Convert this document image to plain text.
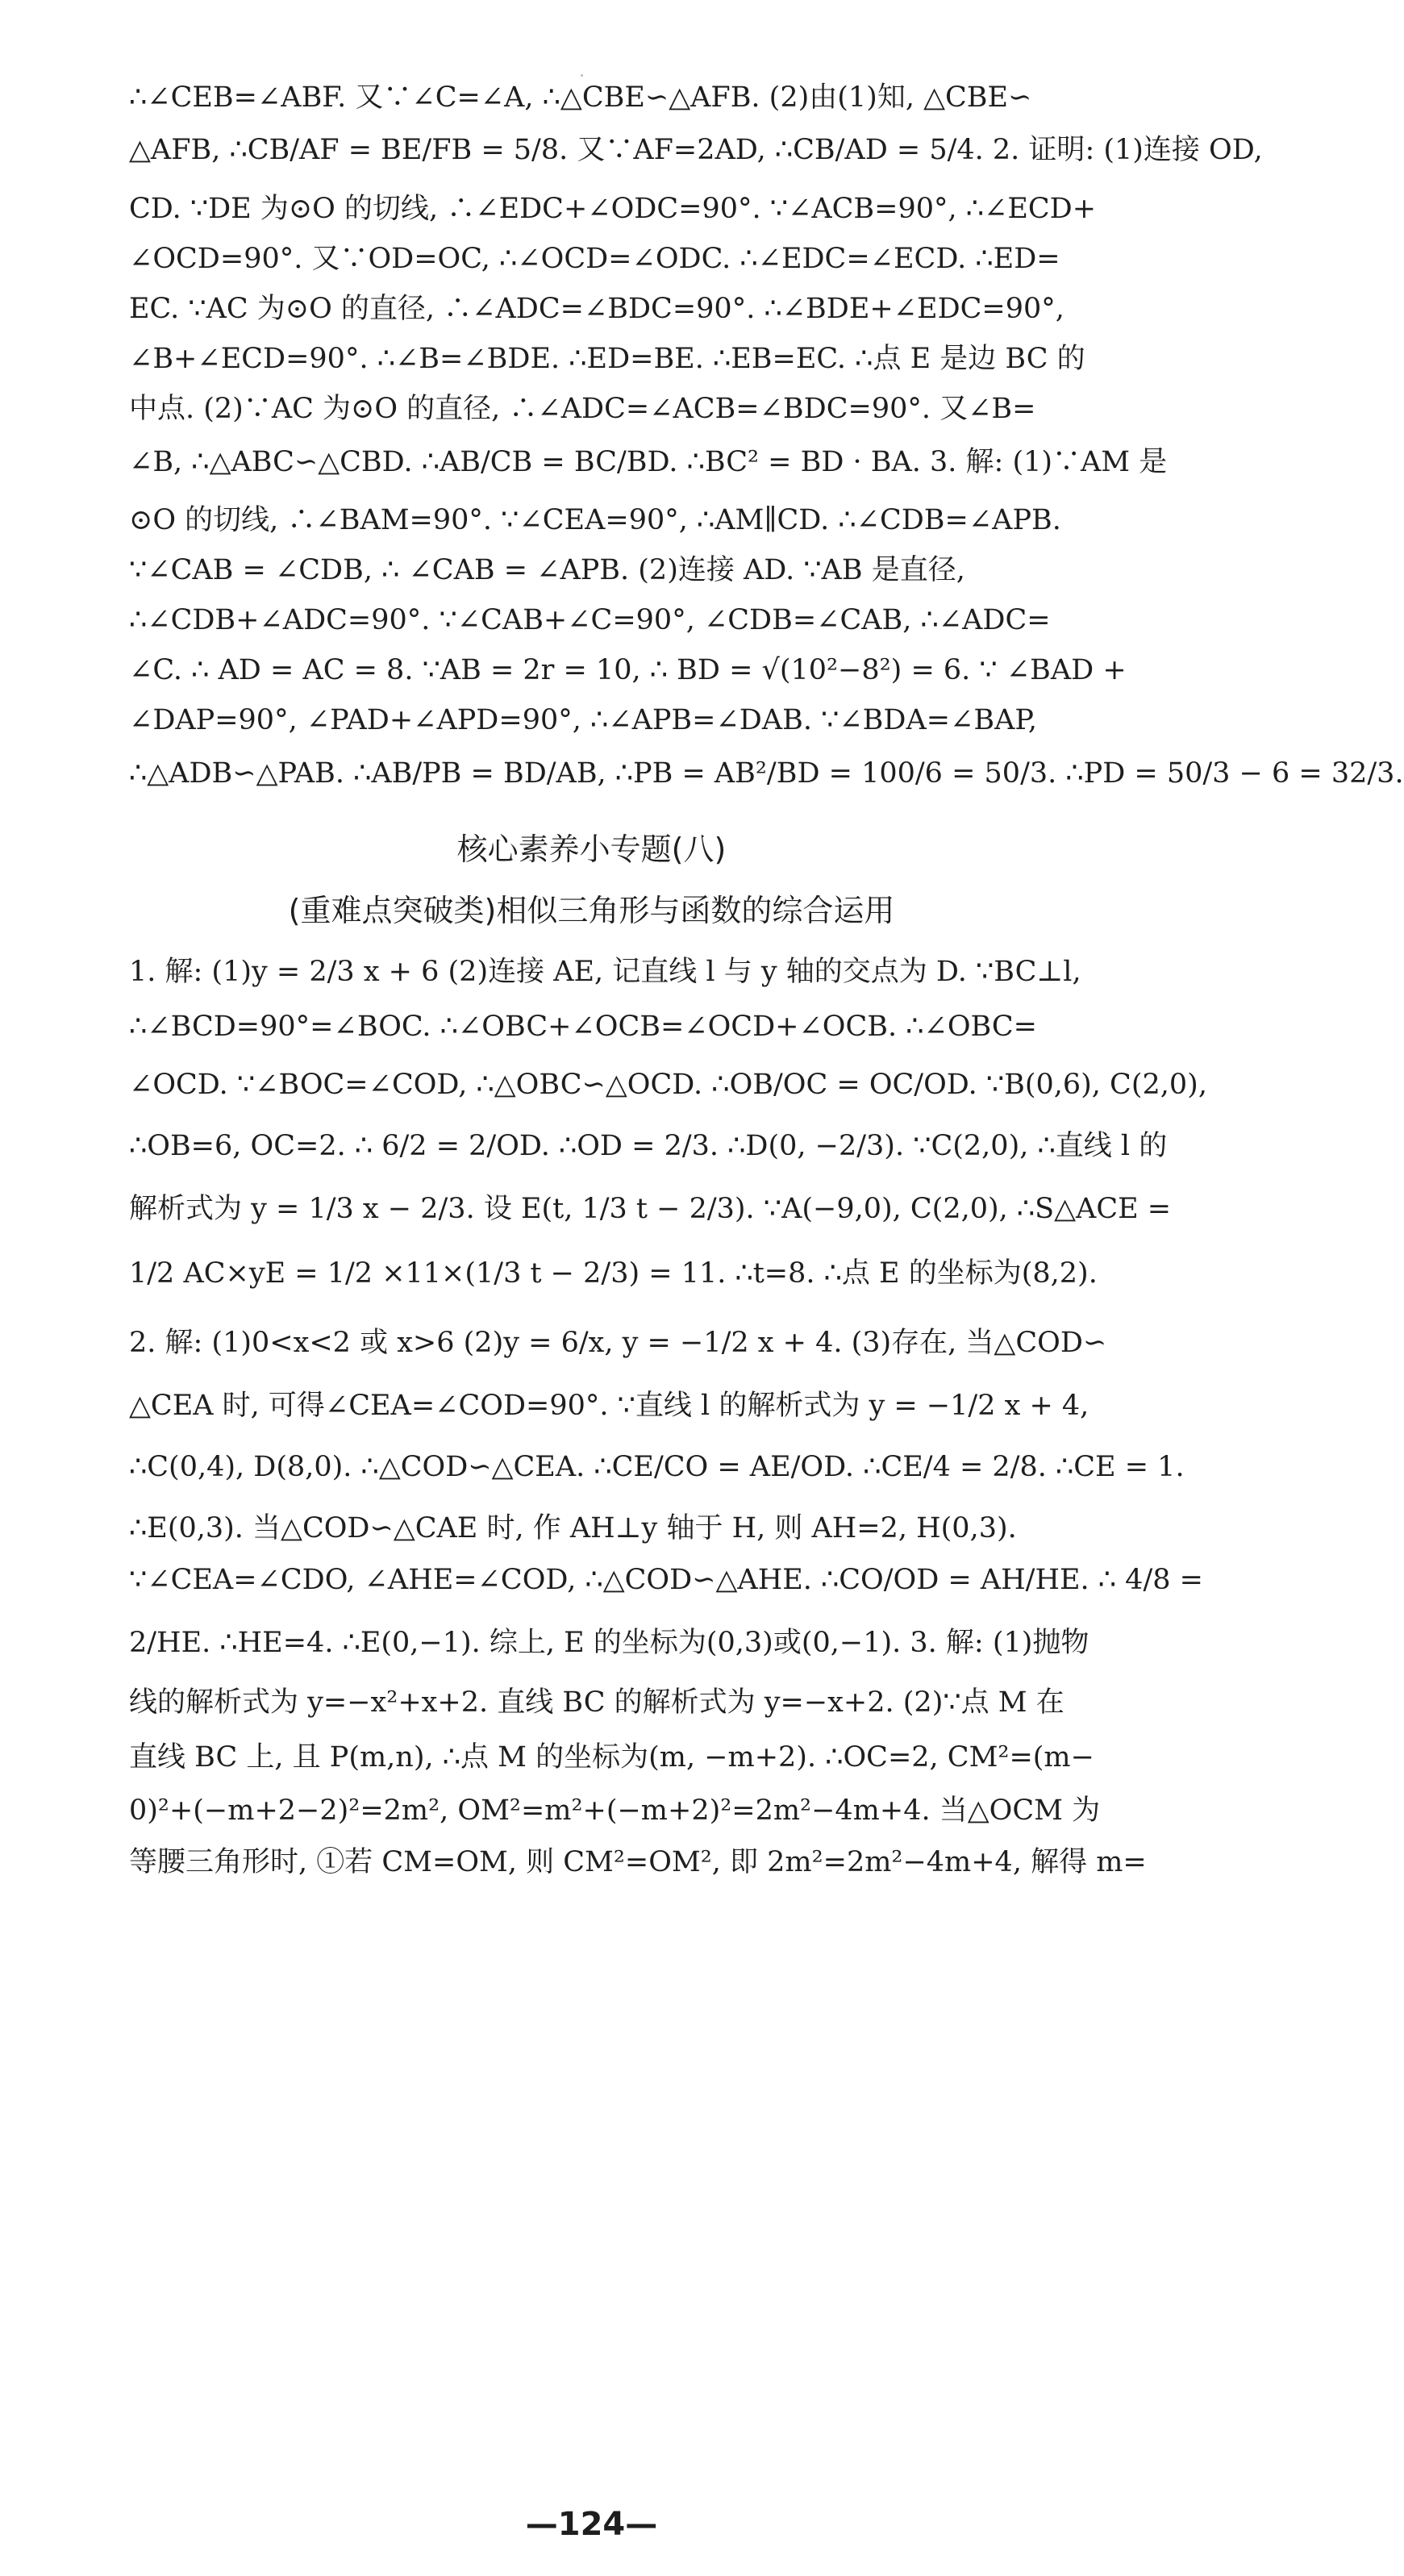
∴∠CEB=∠ABF. 又∵∠C=∠A, ∴△CBE∽△AFB. (2)由(1)知, △CBE∽
△AFB, ∴CB/AF = BE/FB = 5/8. 又∵AF=2AD, ∴CB/AD = 5/4. 2. 证明: (1)连接 OD,
CD. ∵DE 为⊙O 的切线, ∴∠EDC+∠ODC=90°. ∵∠ACB=90°, ∴∠ECD+
∠OCD=90°. 又∵OD=OC, ∴∠OCD=∠ODC. ∴∠EDC=∠ECD. ∴ED=
EC. ∵AC 为⊙O 的直径, ∴∠ADC=∠BDC=90°. ∴∠BDE+∠EDC=90°,
∠B+∠ECD=90°. ∴∠B=∠BDE. ∴ED=BE. ∴EB=EC. ∴点 E 是边 BC 的
中点. (2)∵AC 为⊙O 的直径, ∴∠ADC=∠ACB=∠BDC=90°. 又∠B=
∠B, ∴△ABC∽△CBD. ∴AB/CB = BC/BD. ∴BC² = BD · BA. 3. 解: (1)∵AM 是
⊙O 的切线, ∴∠BAM=90°. ∵∠CEA=90°, ∴AM∥CD. ∴∠CDB=∠APB.
∵∠CAB = ∠CDB, ∴ ∠CAB = ∠APB. (2)连接 AD. ∵AB 是直径,
∴∠CDB+∠ADC=90°. ∵∠CAB+∠C=90°, ∠CDB=∠CAB, ∴∠ADC=
∠C. ∴ AD = AC = 8. ∵AB = 2r = 10, ∴ BD = √(10²−8²) = 6. ∵ ∠BAD +
∠DAP=90°, ∠PAD+∠APD=90°, ∴∠APB=∠DAB. ∵∠BDA=∠BAP,
∴△ADB∽△PAB. ∴AB/PB = BD/AB, ∴PB = AB²/BD = 100/6 = 50/3. ∴PD = 50/3 − 6 = 32/3.
核心素养小专题(八)
(重难点突破类)相似三角形与函数的综合运用
1. 解: (1)y = 2/3 x + 6 (2)连接 AE, 记直线 l 与 y 轴的交点为 D. ∵BC⊥l,
∴∠BCD=90°=∠BOC. ∴∠OBC+∠OCB=∠OCD+∠OCB. ∴∠OBC=
∠OCD. ∵∠BOC=∠COD, ∴△OBC∽△OCD. ∴OB/OC = OC/OD. ∵B(0,6), C(2,0),
∴OB=6, OC=2. ∴ 6/2 = 2/OD. ∴OD = 2/3. ∴D(0, −2/3). ∵C(2,0), ∴直线 l 的
解析式为 y = 1/3 x − 2/3. 设 E(t, 1/3 t − 2/3). ∵A(−9,0), C(2,0), ∴S△ACE =
1/2 AC×yE = 1/2 ×11×(1/3 t − 2/3) = 11. ∴t=8. ∴点 E 的坐标为(8,2).
2. 解: (1)0<x<2 或 x>6 (2)y = 6/x, y = −1/2 x + 4. (3)存在, 当△COD∽
△CEA 时, 可得∠CEA=∠COD=90°. ∵直线 l 的解析式为 y = −1/2 x + 4,
∴C(0,4), D(8,0). ∴△COD∽△CEA. ∴CE/CO = AE/OD. ∴CE/4 = 2/8. ∴CE = 1.
∴E(0,3). 当△COD∽△CAE 时, 作 AH⊥y 轴于 H, 则 AH=2, H(0,3).
∵∠CEA=∠CDO, ∠AHE=∠COD, ∴△COD∽△AHE. ∴CO/OD = AH/HE. ∴ 4/8 =
2/HE. ∴HE=4. ∴E(0,−1). 综上, E 的坐标为(0,3)或(0,−1). 3. 解: (1)抛物
线的解析式为 y=−x²+x+2. 直线 BC 的解析式为 y=−x+2. (2)∵点 M 在
直线 BC 上, 且 P(m,n), ∴点 M 的坐标为(m, −m+2). ∴OC=2, CM²=(m−
0)²+(−m+2−2)²=2m², OM²=m²+(−m+2)²=2m²−4m+4. 当△OCM 为
等腰三角形时, ①若 CM=OM, 则 CM²=OM², 即 2m²=2m²−4m+4, 解得 m=
—124—
